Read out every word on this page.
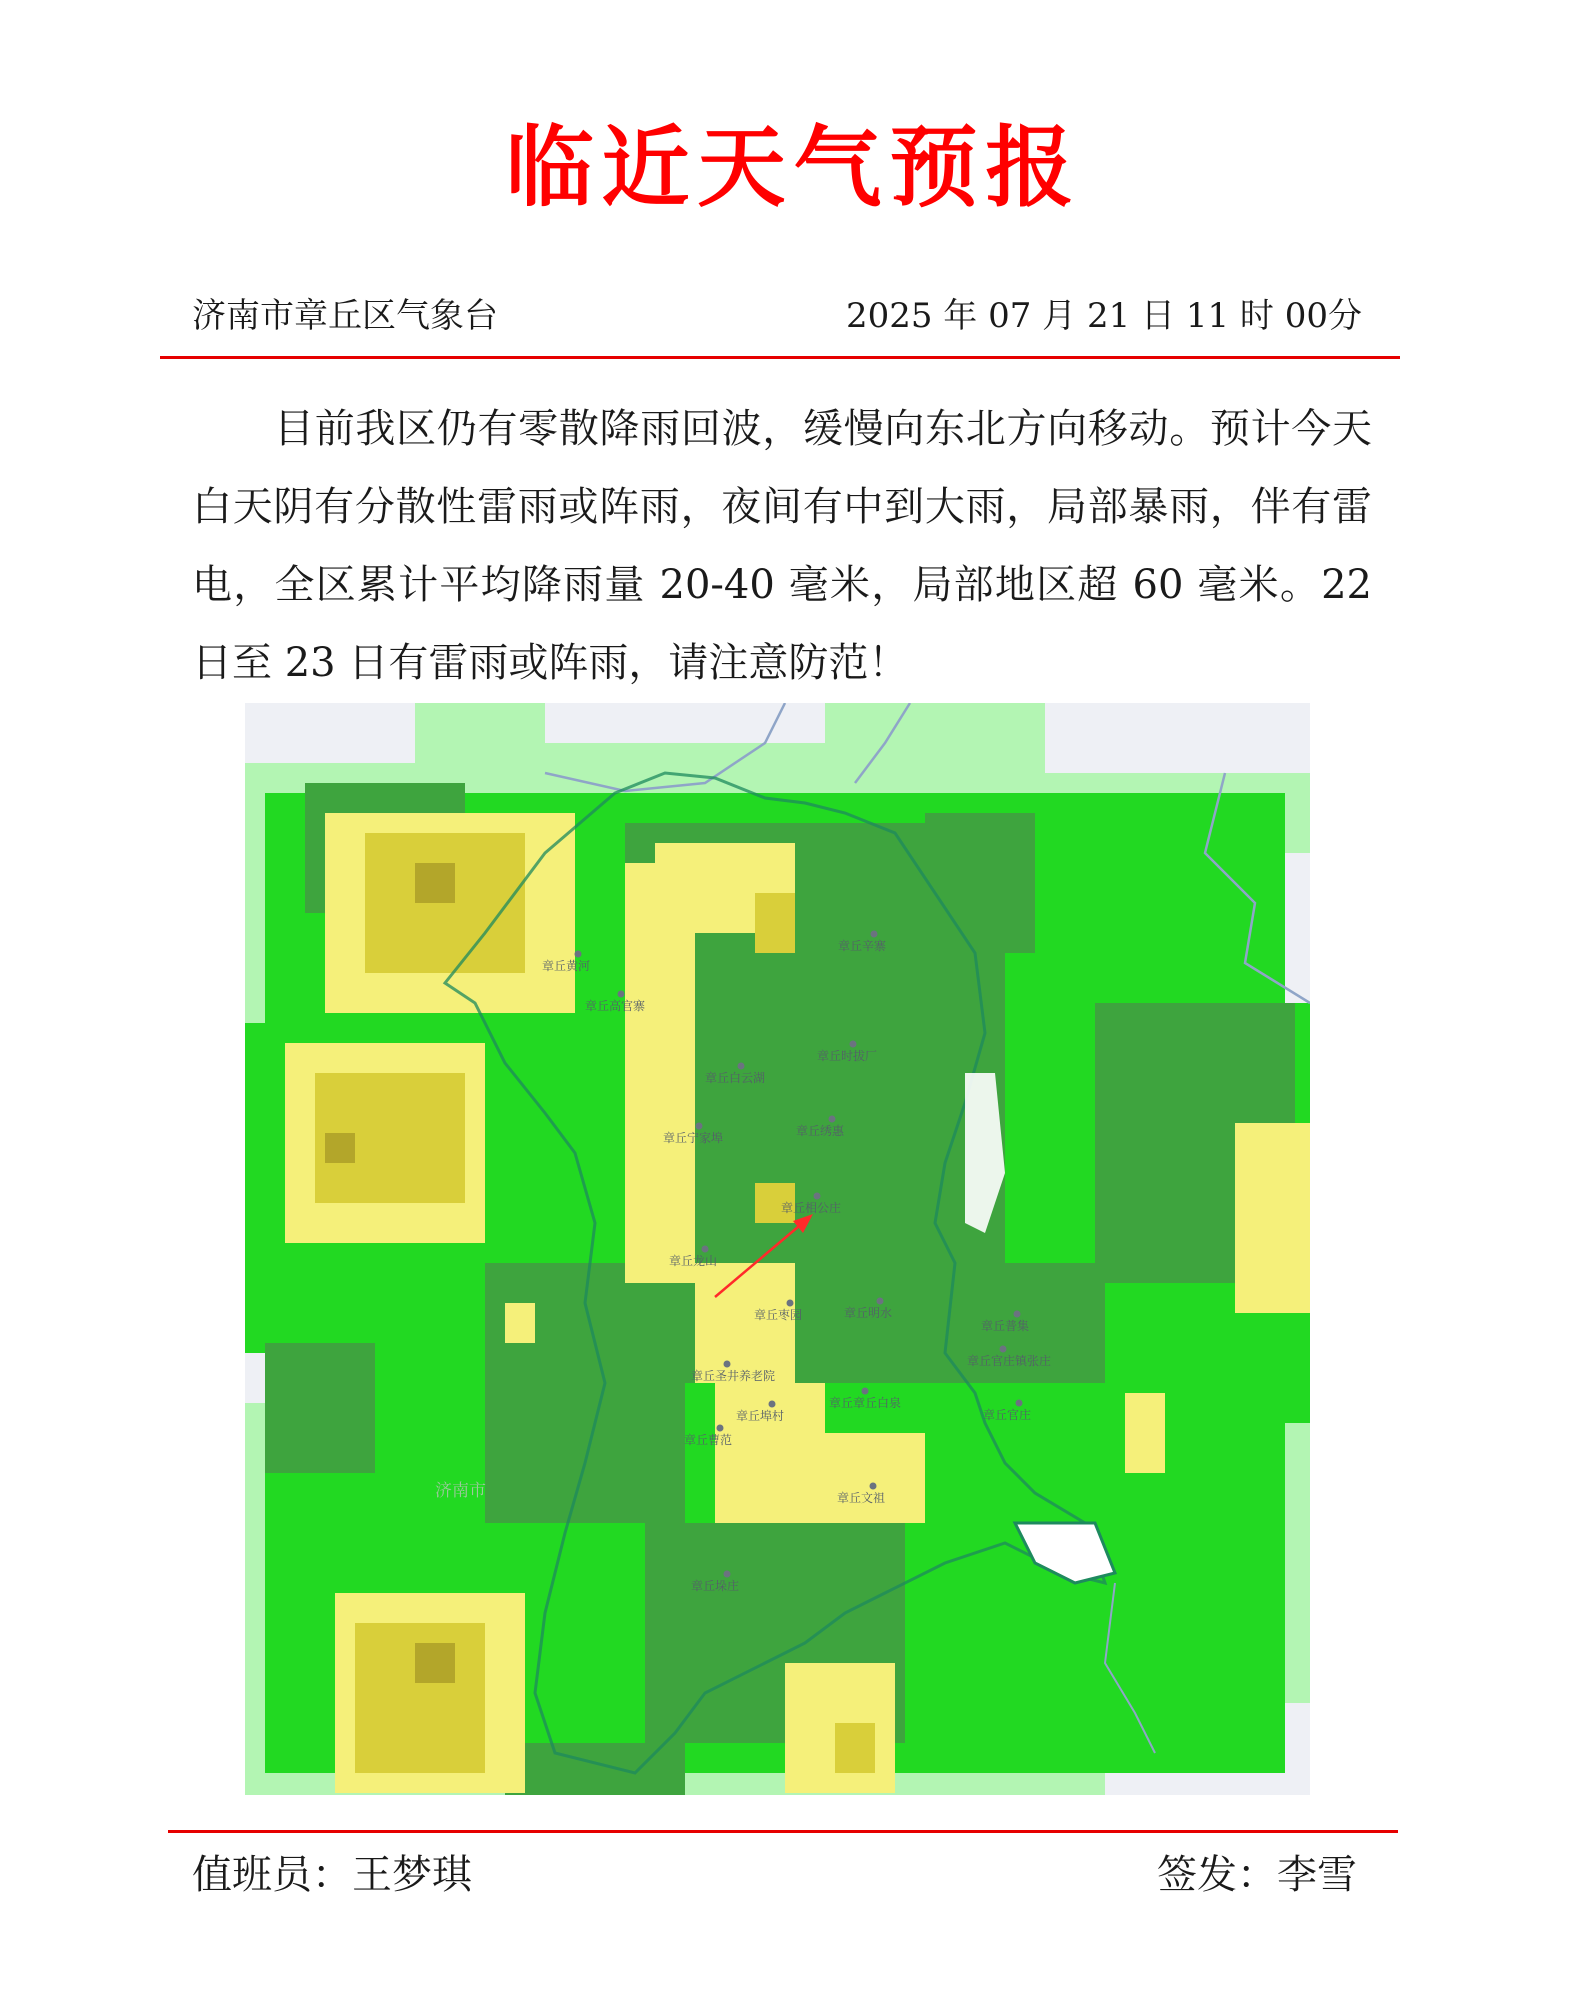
临近天气预报
济南市章丘区气象台	2025 年 07 月 21 日 11 时 00分
目前我区仍有零散降雨回波，缓慢向东北方向移动。预计今天白天阴有分散性雷雨或阵雨，夜间有中到大雨，局部暴雨，伴有雷电，全区累计平均降雨量 20-40 毫米，局部地区超 60 毫米。22 日至 23 日有雷雨或阵雨，请注意防范！
济南市
章丘黄河
章丘高官寨
章丘辛寨
章丘时拔厂
章丘白云湖
章丘宁家埠	章丘绣惠
章丘相公庄
章丘龙山
章丘枣园	章丘明水
章丘普集
章丘官庄镇张庄
章丘圣井养老院
章丘章丘白泉
章丘官庄
章丘埠村
章丘曹范
章丘文祖
章丘垛庄
值班员：王梦琪	签发：李雪
